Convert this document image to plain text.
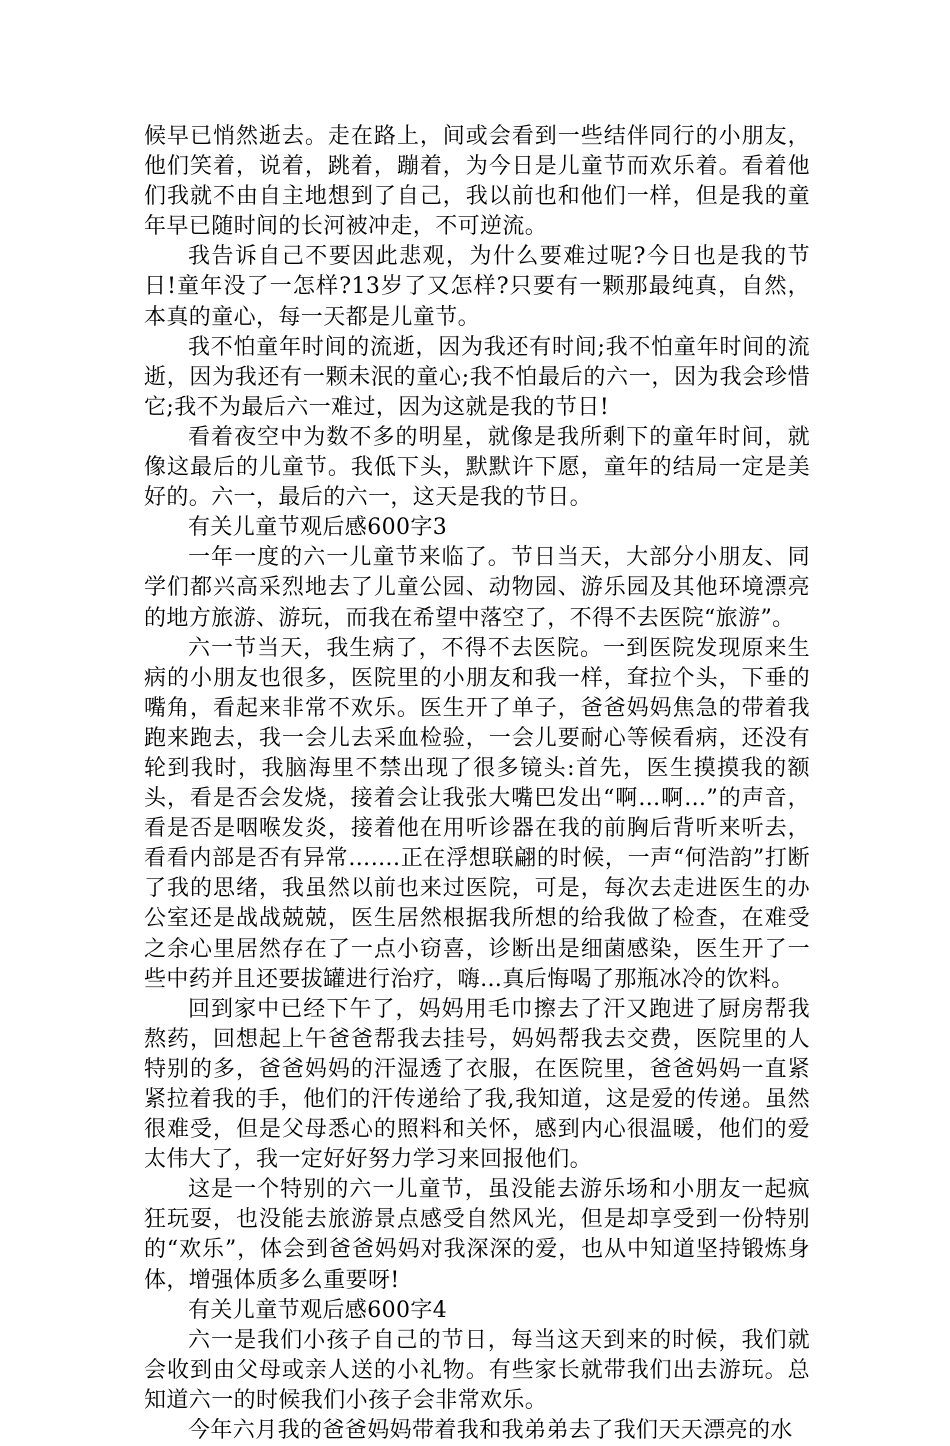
候早已悄然逝去。走在路上，间或会看到一些结伴同行的小朋友，他们笑着，说着，跳着，蹦着，为今日是儿童节而欢乐着。看着他们我就不由自主地想到了自己，我以前也和他们一样，但是我的童年早已随时间的长河被冲走，不可逆流。

我告诉自己不要因此悲观，为什么要难过呢?今日也是我的节日!童年没了一怎样?13岁了又怎样?只要有一颗那最纯真，自然，本真的童心，每一天都是儿童节。

我不怕童年时间的流逝，因为我还有时间;我不怕童年时间的流逝，因为我还有一颗未泯的童心;我不怕最后的六一，因为我会珍惜它;我不为最后六一难过，因为这就是我的节日!

看着夜空中为数不多的明星，就像是我所剩下的童年时间，就像这最后的儿童节。我低下头，默默许下愿，童年的结局一定是美好的。六一，最后的六一，这天是我的节日。

有关儿童节观后感600字3

一年一度的六一儿童节来临了。节日当天，大部分小朋友、同学们都兴高采烈地去了儿童公园、动物园、游乐园及其他环境漂亮的地方旅游、游玩，而我在希望中落空了，不得不去医院“旅游”。

六一节当天，我生病了，不得不去医院。一到医院发现原来生病的小朋友也很多，医院里的小朋友和我一样，耷拉个头，下垂的嘴角，看起来非常不欢乐。医生开了单子，爸爸妈妈焦急的带着我跑来跑去，我一会儿去采血检验，一会儿要耐心等候看病，还没有轮到我时，我脑海里不禁出现了很多镜头:首先，医生摸摸我的额头，看是否会发烧，接着会让我张大嘴巴发出“啊…啊…”的声音，看是否是咽喉发炎，接着他在用听诊器在我的前胸后背听来听去，看看内部是否有异常…….正在浮想联翩的时候，一声“何浩韵”打断了我的思绪，我虽然以前也来过医院，可是，每次去走进医生的办公室还是战战兢兢，医生居然根据我所想的给我做了检查，在难受之余心里居然存在了一点小窃喜，诊断出是细菌感染，医生开了一些中药并且还要拔罐进行治疗，嗨…真后悔喝了那瓶冰冷的饮料。

回到家中已经下午了，妈妈用毛巾擦去了汗又跑进了厨房帮我熬药，回想起上午爸爸帮我去挂号，妈妈帮我去交费，医院里的人特别的多，爸爸妈妈的汗湿透了衣服，在医院里，爸爸妈妈一直紧紧拉着我的手，他们的汗传递给了我,我知道，这是爱的传递。虽然很难受，但是父母悉心的照料和关怀，感到内心很温暖，他们的爱太伟大了，我一定好好努力学习来回报他们。

这是一个特别的六一儿童节，虽没能去游乐场和小朋友一起疯狂玩耍，也没能去旅游景点感受自然风光，但是却享受到一份特别的“欢乐”，体会到爸爸妈妈对我深深的爱，也从中知道坚持锻炼身体，增强体质多么重要呀!

有关儿童节观后感600字4

六一是我们小孩子自己的节日，每当这天到来的时候，我们就会收到由父母或亲人送的小礼物。有些家长就带我们出去游玩。总知道六一的时候我们小孩子会非常欢乐。

今年六月我的爸爸妈妈带着我和我弟弟去了我们天天漂亮的水
